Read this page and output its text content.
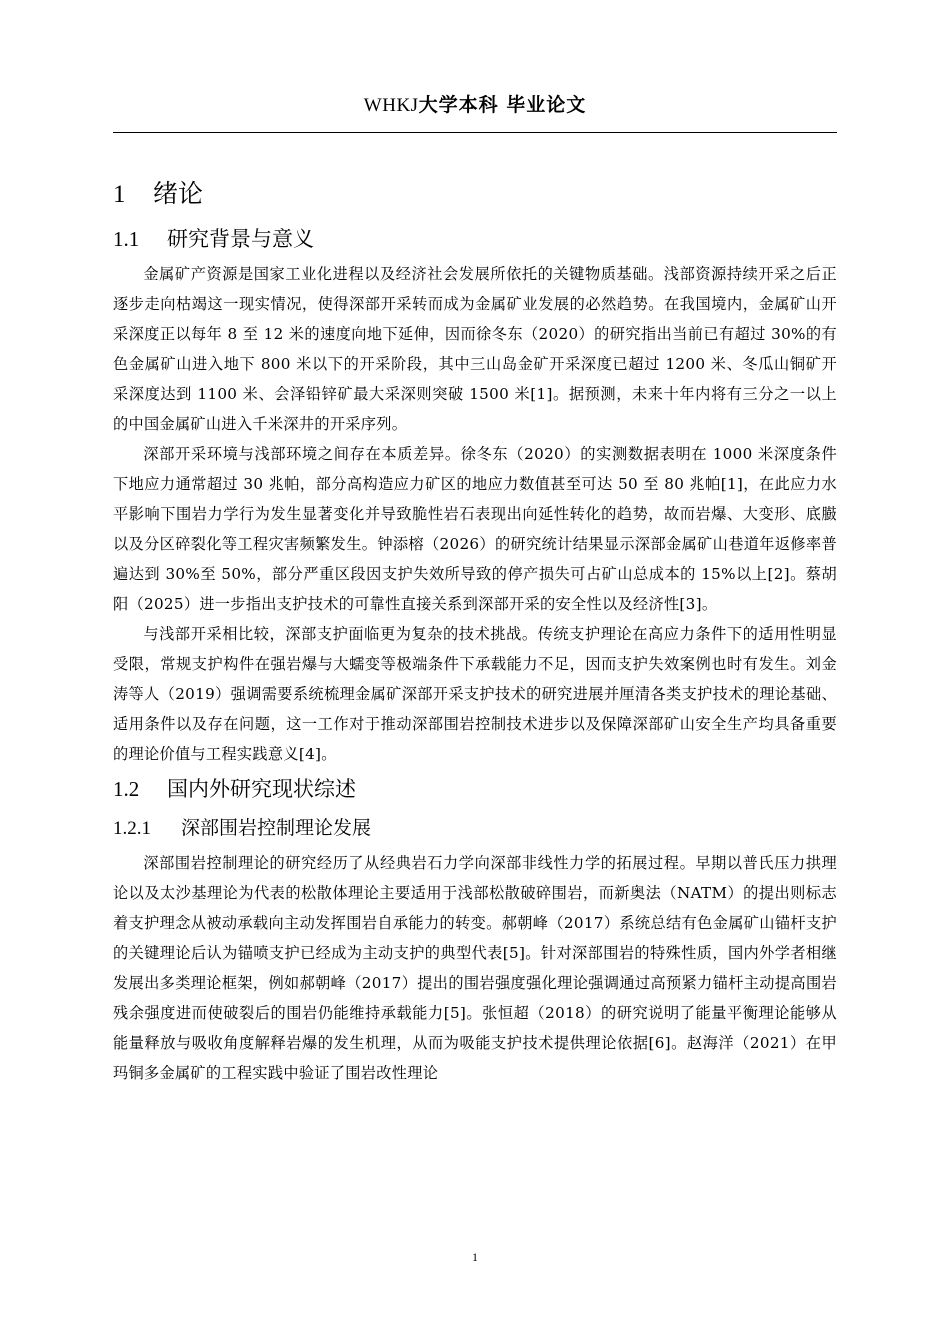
WHKJ大学本科 毕业论文
1 绪论
1.1 研究背景与意义

金属矿产资源是国家工业化进程以及经济社会发展所依托的关键物质基础。浅部资源持续开采之后正逐步走向枯竭这一现实情况，使得深部开采转而成为金属矿业发展的必然趋势。在我国境内，金属矿山开采深度正以每年 8 至 12 米的速度向地下延伸，因而徐冬东（2020）的研究指出当前已有超过 30%的有色金属矿山进入地下 800 米以下的开采阶段，其中三山岛金矿开采深度已超过 1200 米、冬瓜山铜矿开采深度达到 1100 米、会泽铅锌矿最大采深则突破 1500 米[1]。据预测，未来十年内将有三分之一以上的中国金属矿山进入千米深井的开采序列。

深部开采环境与浅部环境之间存在本质差异。徐冬东（2020）的实测数据表明在 1000 米深度条件下地应力通常超过 30 兆帕，部分高构造应力矿区的地应力数值甚至可达 50 至 80 兆帕[1]，在此应力水平影响下围岩力学行为发生显著变化并导致脆性岩石表现出向延性转化的趋势，故而岩爆、大变形、底臌以及分区碎裂化等工程灾害频繁发生。钟添榕（2026）的研究统计结果显示深部金属矿山巷道年返修率普遍达到 30%至 50%，部分严重区段因支护失效所导致的停产损失可占矿山总成本的 15%以上[2]。蔡胡阳（2025）进一步指出支护技术的可靠性直接关系到深部开采的安全性以及经济性[3]。

与浅部开采相比较，深部支护面临更为复杂的技术挑战。传统支护理论在高应力条件下的适用性明显受限，常规支护构件在强岩爆与大蠕变等极端条件下承载能力不足，因而支护失效案例也时有发生。刘金涛等人（2019）强调需要系统梳理金属矿深部开采支护技术的研究进展并厘清各类支护技术的理论基础、适用条件以及存在问题，这一工作对于推动深部围岩控制技术进步以及保障深部矿山安全生产均具备重要的理论价值与工程实践意义[4]。

1.2 国内外研究现状综述
1.2.1 深部围岩控制理论发展

深部围岩控制理论的研究经历了从经典岩石力学向深部非线性力学的拓展过程。早期以普氏压力拱理论以及太沙基理论为代表的松散体理论主要适用于浅部松散破碎围岩，而新奥法（NATM）的提出则标志着支护理念从被动承载向主动发挥围岩自承能力的转变。郝朝峰（2017）系统总结有色金属矿山锚杆支护的关键理论后认为锚喷支护已经成为主动支护的典型代表[5]。针对深部围岩的特殊性质，国内外学者相继发展出多类理论框架，例如郝朝峰（2017）提出的围岩强度强化理论强调通过高预紧力锚杆主动提高围岩残余强度进而使破裂后的围岩仍能维持承载能力[5]。张恒超（2018）的研究说明了能量平衡理论能够从能量释放与吸收角度解释岩爆的发生机理，从而为吸能支护技术提供理论依据[6]。赵海洋（2021）在甲玛铜多金属矿的工程实践中验证了围岩改性理论

1
